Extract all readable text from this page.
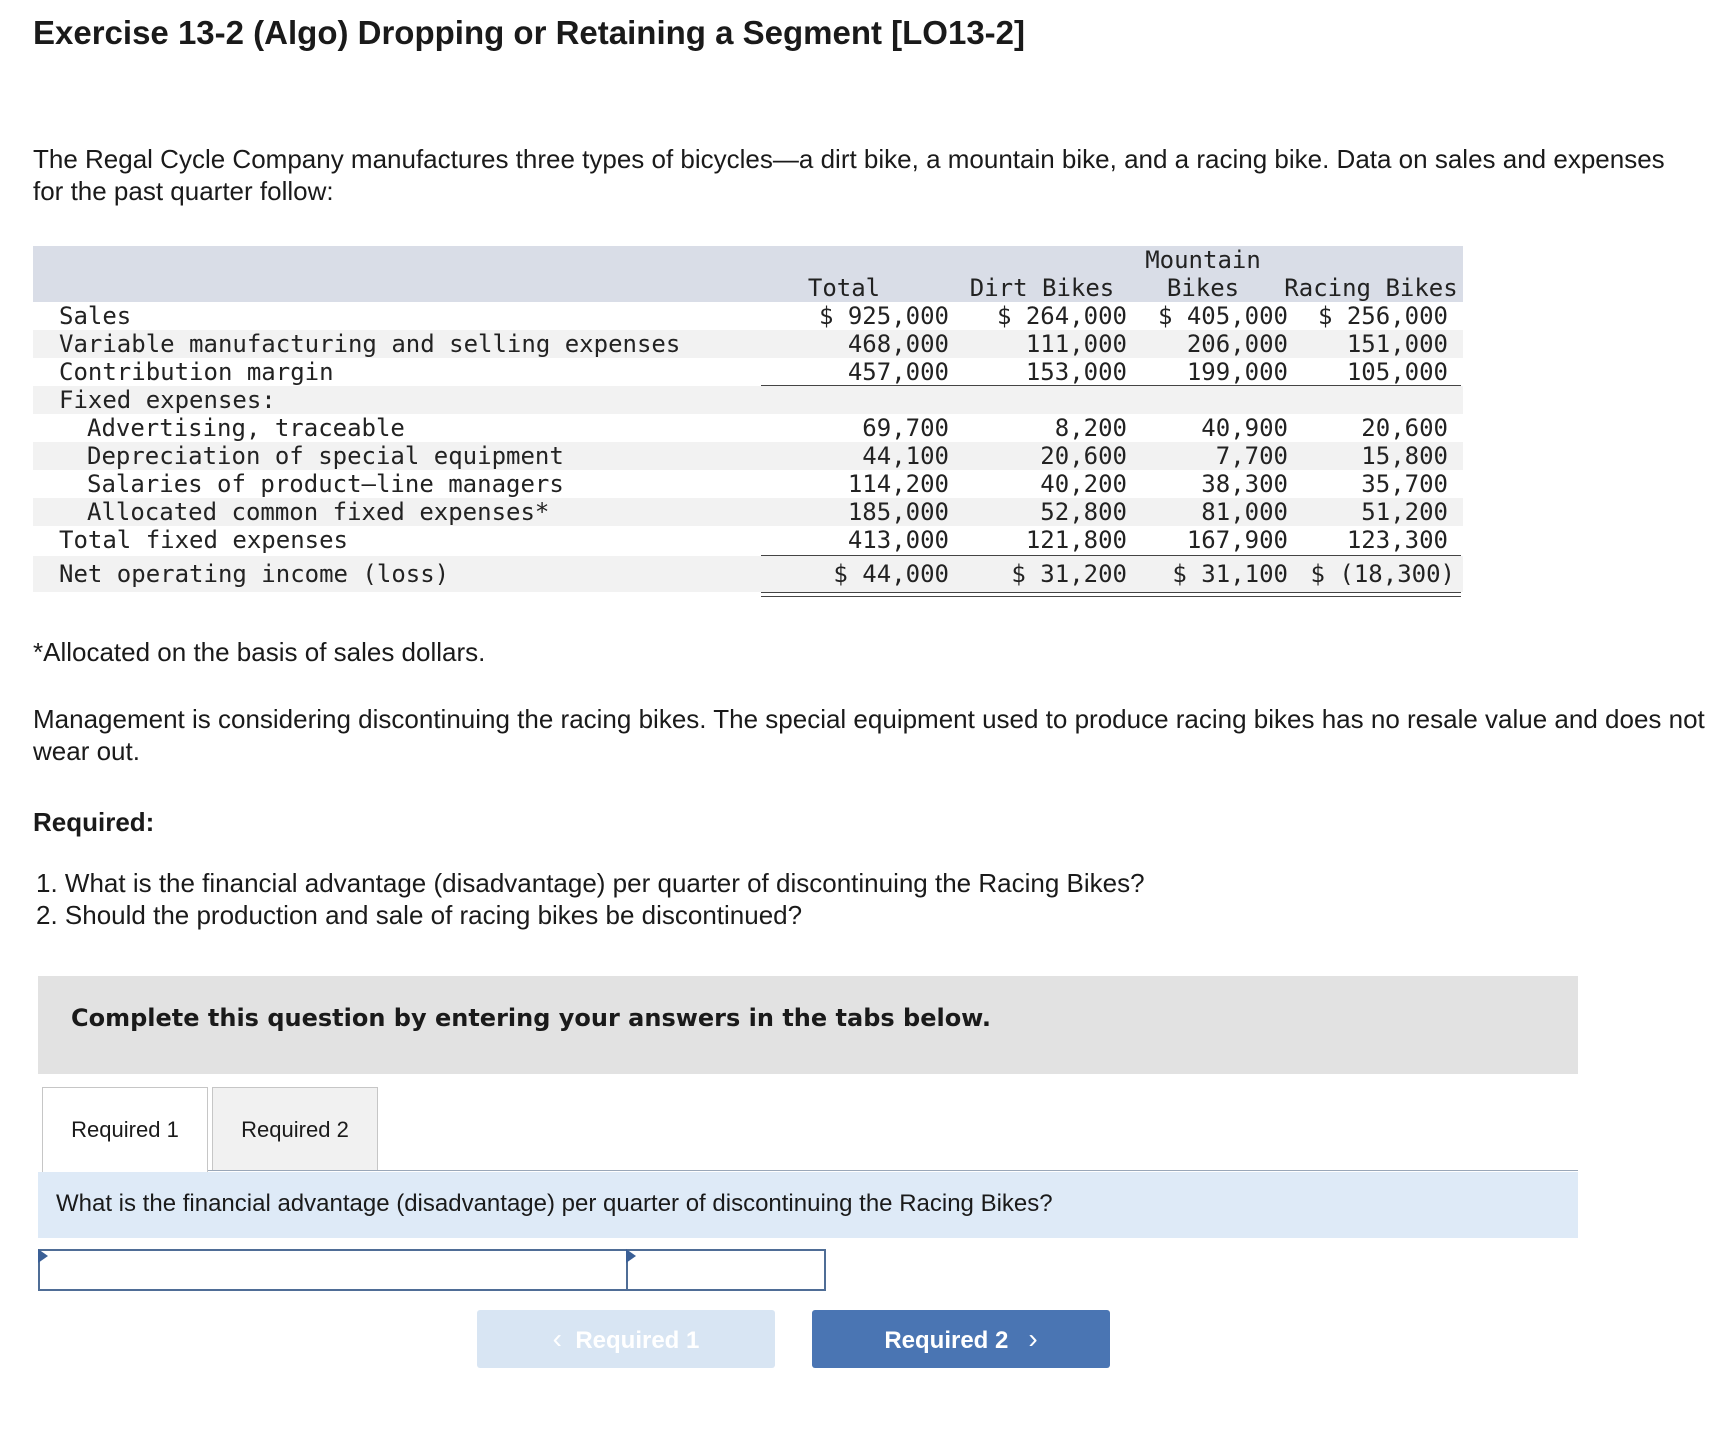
Exercise 13-2 (Algo) Dropping or Retaining a Segment [LO13-2]
The Regal Cycle Company manufactures three types of bicycles—a dirt bike, a mountain bike, and a racing bike. Data on sales and expenses for the past quarter follow:
Total	Dirt Bikes
Mountain
Bikes	Racing Bikes
Sales	$ 925,000	$ 264,000	$ 405,000	$ 256,000
Variable manufacturing and selling expenses	468,000	111,000	206,000	151,000
Contribution margin	457,000	153,000	199,000	105,000
Fixed expenses:
Advertising, traceable	69,700	8,200	40,900	20,600
Depreciation of special equipment	44,100	20,600	7,700	15,800
Salaries of product–line managers	114,200	40,200	38,300	35,700
Allocated common fixed expenses*	185,000	52,800	81,000	51,200
Total fixed expenses	413,000	121,800	167,900	123,300
Net operating income (loss)	$ 44,000	$ 31,200	$ 31,100 $ (18,300)
*Allocated on the basis of sales dollars.
Management is considering discontinuing the racing bikes. The special equipment used to produce racing bikes has no resale value and does not wear out.
Required:
1. What is the financial advantage (disadvantage) per quarter of discontinuing the Racing Bikes?
2. Should the production and sale of racing bikes be discontinued?
Complete this question by entering your answers in the tabs below.
Required 1	Required 2
What is the financial advantage (disadvantage) per quarter of discontinuing the Racing Bikes?
‹ Required 1	Required 2 ›
